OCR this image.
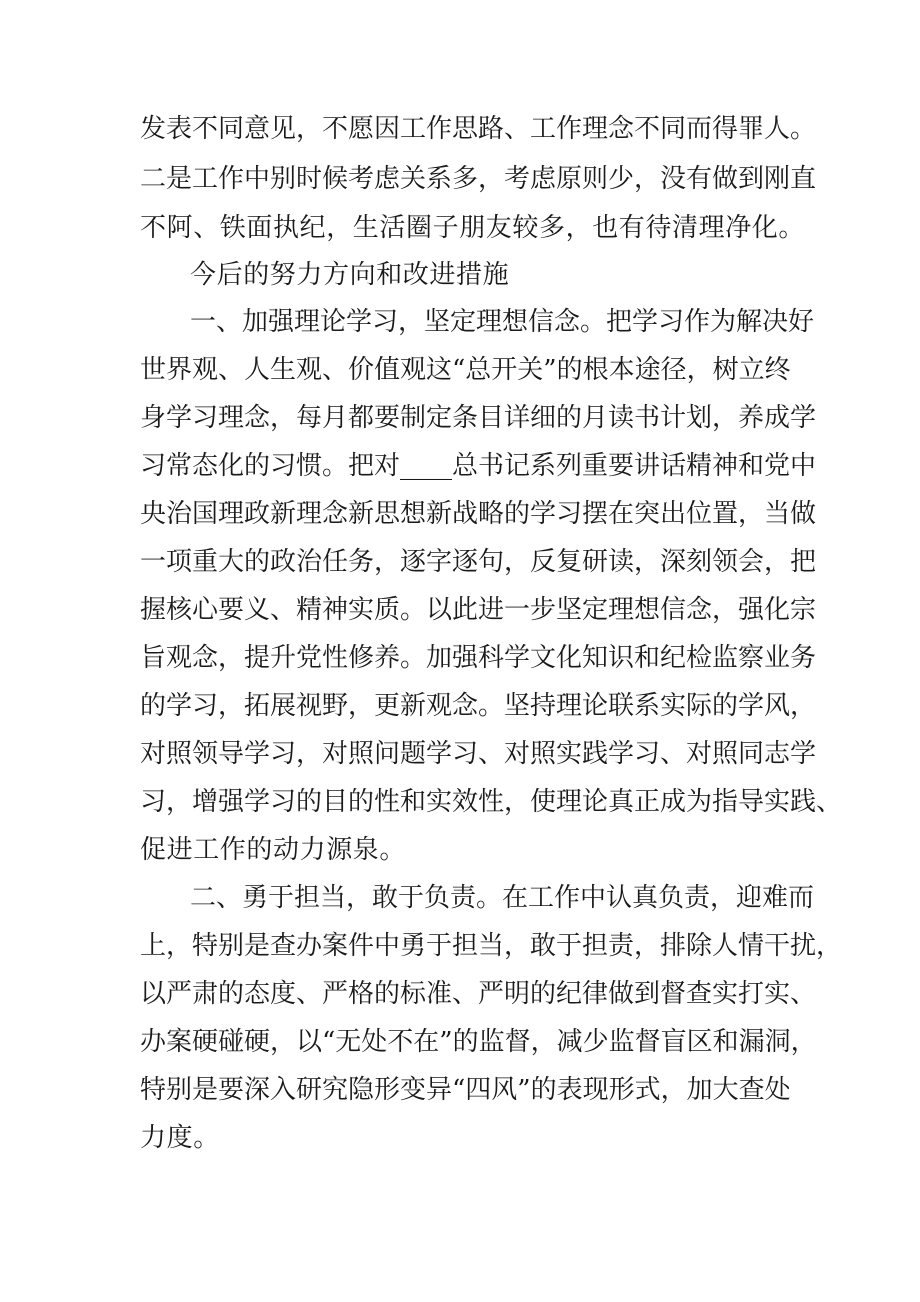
发表不同意见，不愿因工作思路、工作理念不同而得罪人。
二是工作中别时候考虑关系多，考虑原则少，没有做到刚直
不阿、铁面执纪，生活圈子朋友较多，也有待清理净化。
今后的努力方向和改进措施
一、加强理论学习，坚定理想信念。把学习作为解决好
世界观、人生观、价值观这“总开关”的根本途径，树立终
身学习理念，每月都要制定条目详细的月读书计划，养成学
习常态化的习惯。把对____总书记系列重要讲话精神和党中
央治国理政新理念新思想新战略的学习摆在突出位置，当做
一项重大的政治任务，逐字逐句，反复研读，深刻领会，把
握核心要义、精神实质。以此进一步坚定理想信念，强化宗
旨观念，提升党性修养。加强科学文化知识和纪检监察业务
的学习，拓展视野，更新观念。坚持理论联系实际的学风，
对照领导学习，对照问题学习、对照实践学习、对照同志学
习，增强学习的目的性和实效性，使理论真正成为指导实践、
促进工作的动力源泉。
二、勇于担当，敢于负责。在工作中认真负责，迎难而
上，特别是查办案件中勇于担当，敢于担责，排除人情干扰，
以严肃的态度、严格的标准、严明的纪律做到督查实打实、
办案硬碰硬，以“无处不在”的监督，减少监督盲区和漏洞，
特别是要深入研究隐形变异“四风”的表现形式，加大查处
力度。
